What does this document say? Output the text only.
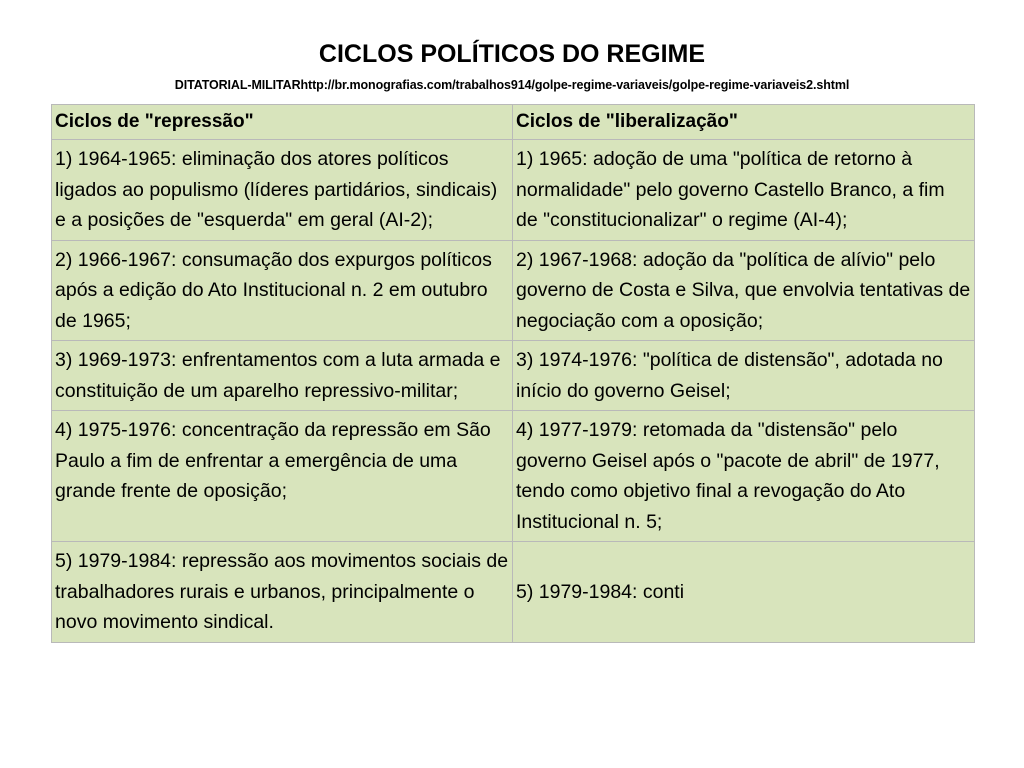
CICLOS POLÍTICOS DO REGIME
DITATORIAL-MILITARhttp://br.monografias.com/trabalhos914/golpe-regime-variaveis/golpe-regime-variaveis2.shtml
Ciclos de "repressão"	Ciclos de "liberalização"
1) 1964-1965: eliminação dos atores políticos ligados ao populismo (líderes partidários, sindicais) e a posições de "esquerda" em geral (AI-2);	1) 1965: adoção de uma "política de retorno à normalidade" pelo governo Castello Branco, a fim de "constitucionalizar" o regime (AI-4);
2) 1966-1967: consumação dos expurgos políticos após a edição do Ato Institucional n. 2 em outubro de 1965;	2) 1967-1968: adoção da "política de alívio" pelo governo de Costa e Silva, que envolvia tentativas de negociação com a oposição;
3) 1969-1973: enfrentamentos com a luta armada e constituição de um aparelho repressivo-militar;	3) 1974-1976: "política de distensão", adotada no início do governo Geisel;
4) 1975-1976: concentração da repressão em São Paulo a fim de enfrentar a emergência de uma grande frente de oposição;	4) 1977-1979: retomada da "distensão" pelo governo Geisel após o "pacote de abril" de 1977, tendo como objetivo final a revogação do Ato Institucional n. 5;
5) 1979-1984: repressão aos movimentos sociais de trabalhadores rurais e urbanos, principalmente o novo movimento sindical.	5) 1979-1984: conti
